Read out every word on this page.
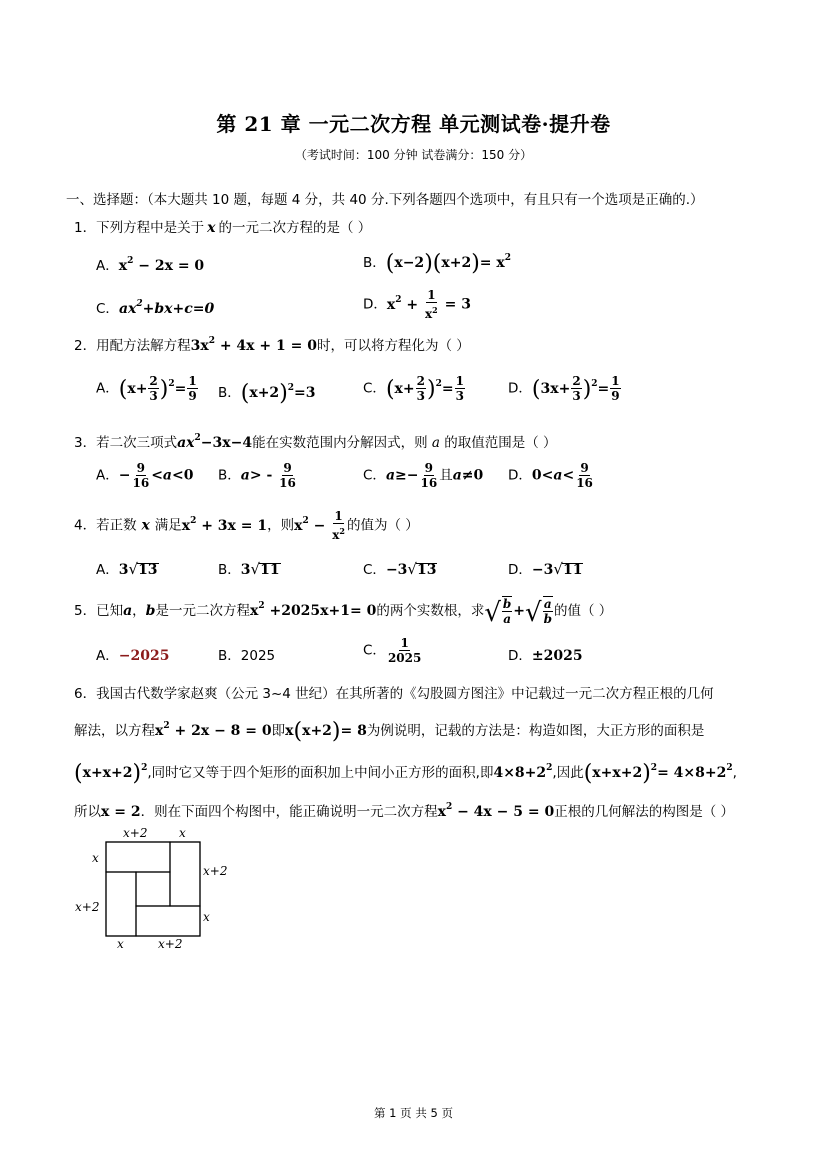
第 21 章 一元二次方程 单元测试卷·提升卷
（考试时间：100 分钟 试卷满分：150 分）
一、选择题：（本大题共 10 题，每题 4 分，共 40 分.下列各题四个选项中，有且只有一个选项是正确的.）
1．下列方程中是关于 x 的一元二次方程的是（ ）
A．$x^2 - 2x = 0$	B．$(x-2)(x+2)= x^2$
C．$ax^2+bx+c=0$	D．$x^2 + \frac{1}{x^2} = 3$
2．用配方法解方程$3x^2 + 4x + 1 = 0$时，可以将方程化为（ ）
A．$(x+ \frac{2}{3} )^2= \frac{1}{9}$ B．$(x+2)^2=3$	C．$(x+ \frac{2}{3} )^2= \frac{1}{3}$	D．$(3x+ \frac{2}{3} )^2= \frac{1}{9}$
3．若二次三项式$ax^2-3x-4$能在实数范围内分解因式，则 a 的取值范围是（ ）
A．− $\frac{9}{16} <a<0$ B．$a> - \frac{9}{16}$	C．$a\ge- \frac{9}{16}$ 且a≠0 D．$0<a< \frac{9}{16}$
4．若正数 x 满足$x^2 + 3x = 1$，则$x^2 - \frac{1}{x^2}$ 的值为（ ）
A．3√13	B．3√11	C．−3√13	D．−3√11
5．已知a，b是一元二次方程$x^2 +2025x+1= 0$的两个实数根，求√ $\frac{b}{a}$ +√ $\frac{a}{b}$ 的值（ ）
A．−2025	B．2025	C． $\frac{1}{2025}$	D．±2025
6．我国古代数学家赵爽（公元 3~4 世纪）在其所著的《勾股圆方图注》中记载过一元二次方程正根的几何
解法，以方程$x^2 + 2x - 8 = 0$即x(x+2)= 8为例说明，记载的方法是：构造如图，大正方形的面积是
$(x+x+2)^2$,同时它又等于四个矩形的面积加上中间小正方形的面积,即$4\times 8+2^2$,因此$(x+x+2)^2= 4\times 8+2^2$,
所以x = 2．则在下面四个构图中，能正确说明一元二次方程$x^2 - 4x - 5 = 0$正根的几何解法的构图是（ ）
x+2	x
x
x+2
x+2
x
x	x+2
第 1 页 共 5 页
